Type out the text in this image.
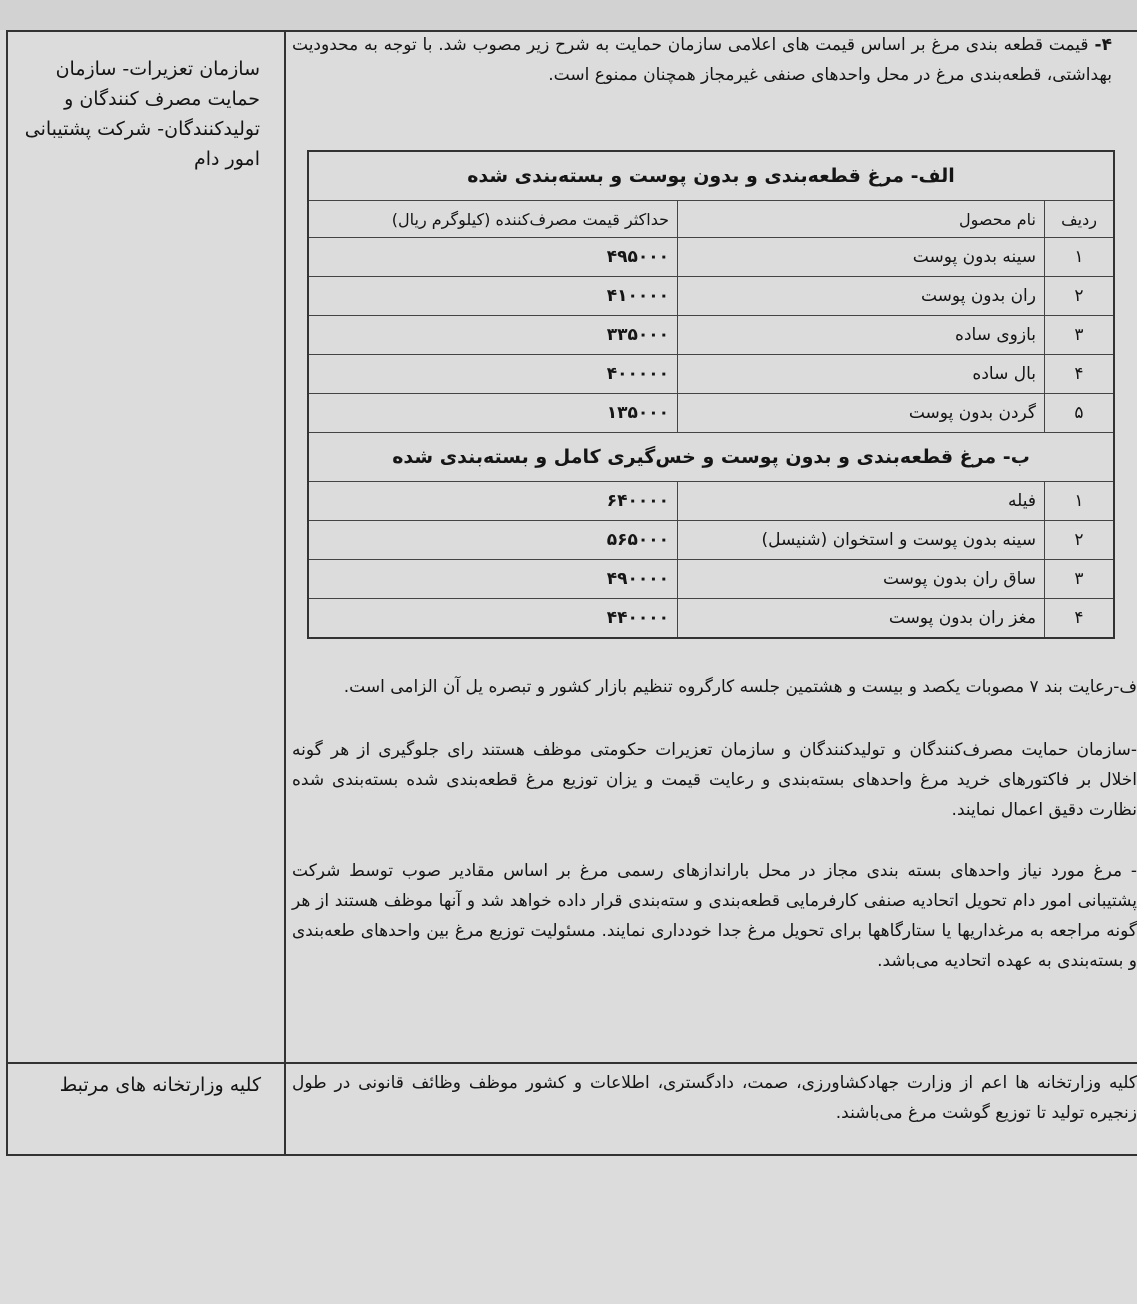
سازمان تعزیرات- سازمان حمایت مصرف کنندگان و تولیدکنندگان- شرکت پشتیبانی امور دام
کلیه وزارتخانه های مرتبط
۴-قیمت قطعه بندی مرغ بر اساس قیمت های اعلامی سازمان حمایت به شرح زیر مصوب شد. با توجه به محدودیت بهداشتی، قطعه‌بندی مرغ در محل واحدهای صنفی غیرمجاز همچنان ممنوع است.
الف- مرغ قطعه‌بندی و بدون پوست و بسته‌بندی شده		
ردیف	نام محصول	حداکثر قیمت مصرف‌کننده (کیلوگرم ریال)
۱	سینه بدون پوست	۴۹۵۰۰۰
۲	ران بدون پوست	۴۱۰۰۰۰
۳	بازوی ساده	۳۳۵۰۰۰
۴	بال ساده	۴۰۰۰۰۰
۵	گردن بدون پوست	۱۳۵۰۰۰
ب- مرغ قطعه‌بندی و بدون پوست و خس‌گیری کامل و بسته‌بندی شده		
۱	فیله	۶۴۰۰۰۰
۲	سینه بدون پوست و استخوان (شنیسل)	۵۶۵۰۰۰
۳	ساق ران بدون پوست	۴۹۰۰۰۰
۴	مغز ران بدون پوست	۴۴۰۰۰۰
ف-رعایت بند ۷ مصوبات یکصد و بیست و هشتمین جلسه کارگروه تنظیم بازار کشور و تبصره یل آن الزامی است.
-سازمان حمایت مصرف‌کنندگان و تولیدکنندگان و سازمان تعزیرات حکومتی موظف هستند رای جلوگیری از هر گونه اخلال بر فاکتورهای خرید مرغ واحدهای بسته‌بندی و رعایت قیمت و یزان توزیع مرغ قطعه‌بندی شده بسته‌بندی شده نظارت دقیق اعمال نمایند.
- مرغ مورد نیاز واحدهای بسته بندی مجاز در محل باراندازهای رسمی مرغ بر اساس مقادیر صوب توسط شرکت پشتیبانی امور دام تحویل اتحادیه صنفی کارفرمایی قطعه‌بندی و سته‌بندی قرار داده خواهد شد و آنها موظف هستند از هر گونه مراجعه به مرغداریها یا ستارگاهها برای تحویل مرغ جدا خودداری نمایند. مسئولیت توزیع مرغ بین واحدهای طعه‌بندی و بسته‌بندی به عهده اتحادیه می‌باشد.
کلیه وزارتخانه ها اعم از وزارت جهادکشاورزی، صمت، دادگستری، اطلاعات و کشور موظف وظائف قانونی در طول زنجیره تولید تا توزیع گوشت مرغ می‌باشند.
